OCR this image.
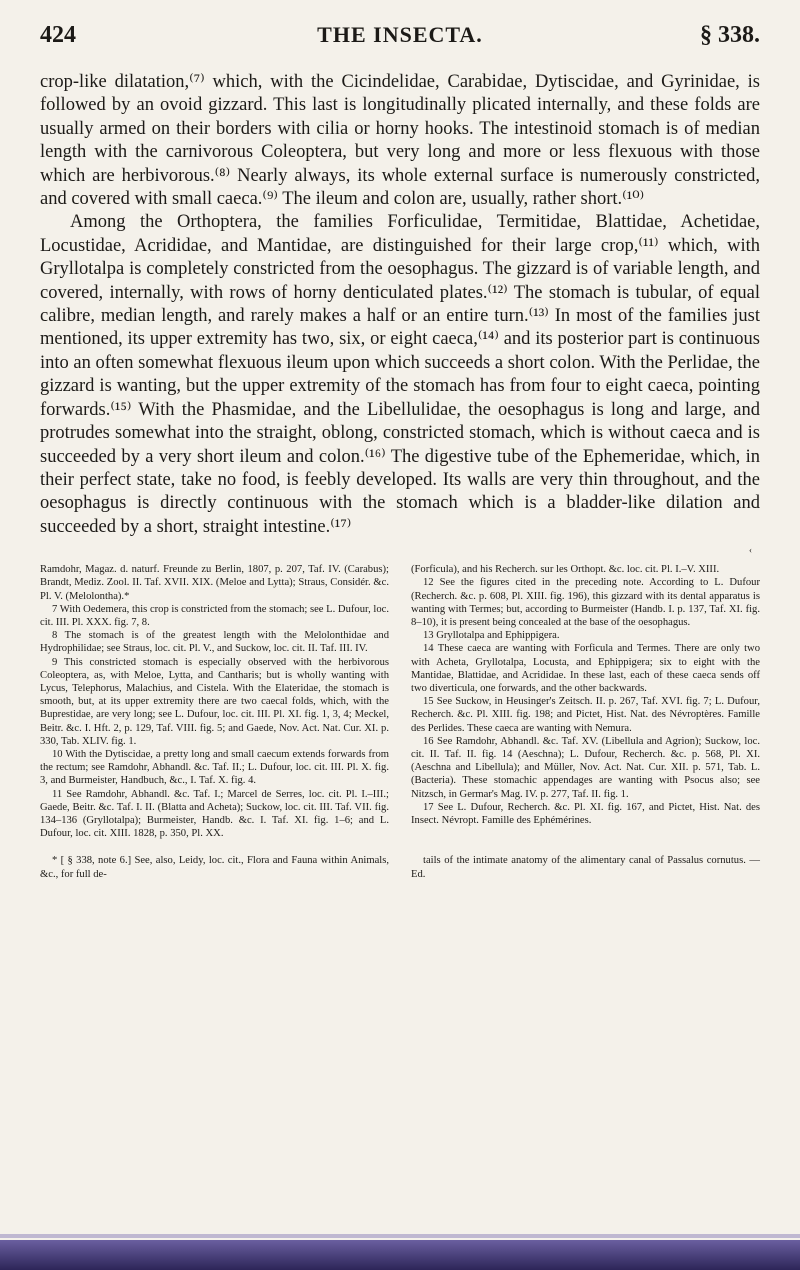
424	THE INSECTA.	§ 338.

crop-like dilatation,⁽⁷⁾ which, with the Cicindelidae, Carabidae, Dytiscidae, and Gyrinidae, is followed by an ovoid gizzard. This last is longitudinally plicated internally, and these folds are usually armed on their borders with cilia or horny hooks. The intestinoid stomach is of median length with the carnivorous Coleoptera, but very long and more or less flexuous with those which are herbivorous.⁽⁸⁾ Nearly always, its whole external surface is numerously constricted, and covered with small caeca.⁽⁹⁾ The ileum and colon are, usually, rather short.⁽¹⁰⁾

Among the Orthoptera, the families Forficulidae, Termitidae, Blattidae, Achetidae, Locustidae, Acrididae, and Mantidae, are distinguished for their large crop,⁽¹¹⁾ which, with Gryllotalpa is completely constricted from the oesophagus. The gizzard is of variable length, and covered, internally, with rows of horny denticulated plates.⁽¹²⁾ The stomach is tubular, of equal calibre, median length, and rarely makes a half or an entire turn.⁽¹³⁾ In most of the families just mentioned, its upper extremity has two, six, or eight caeca,⁽¹⁴⁾ and its posterior part is continuous into an often somewhat flexuous ileum upon which succeeds a short colon. With the Perlidae, the gizzard is wanting, but the upper extremity of the stomach has from four to eight caeca, pointing forwards.⁽¹⁵⁾ With the Phasmidae, and the Libellulidae, the oesophagus is long and large, and protrudes somewhat into the straight, oblong, constricted stomach, which is without caeca and is succeeded by a very short ileum and colon.⁽¹⁶⁾ The digestive tube of the Ephemeridae, which, in their perfect state, take no food, is feebly developed. Its walls are very thin throughout, and the oesophagus is directly continuous with the stomach which is a bladder-like dilation and succeeded by a short, straight intestine.⁽¹⁷⁾

‹

Ramdohr, Magaz. d. naturf. Freunde zu Berlin, 1807, p. 207, Taf. IV. (Carabus); Brandt, Mediz. Zool. II. Taf. XVII. XIX. (Meloe and Lytta); Straus, Considér. &c. Pl. V. (Melolontha).*

7 With Oedemera, this crop is constricted from the stomach; see L. Dufour, loc. cit. III. Pl. XXX. fig. 7, 8.

8 The stomach is of the greatest length with the Melolonthidae and Hydrophilidae; see Straus, loc. cit. Pl. V., and Suckow, loc. cit. II. Taf. III. IV.

9 This constricted stomach is especially observed with the herbivorous Coleoptera, as, with Meloe, Lytta, and Cantharis; but is wholly wanting with Lycus, Telephorus, Malachius, and Cistela. With the Elateridae, the stomach is smooth, but, at its upper extremity there are two caecal folds, which, with the Buprestidae, are very long; see L. Dufour, loc. cit. III. Pl. XI. fig. 1, 3, 4; Meckel, Beitr. &c. I. Hft. 2, p. 129, Taf. VIII. fig. 5; and Gaede, Nov. Act. Nat. Cur. XI. p. 330, Tab. XLIV. fig. 1.

10 With the Dytiscidae, a pretty long and small caecum extends forwards from the rectum; see Ramdohr, Abhandl. &c. Taf. II.; L. Dufour, loc. cit. III. Pl. X. fig. 3, and Burmeister, Handbuch, &c., I. Taf. X. fig. 4.

11 See Ramdohr, Abhandl. &c. Taf. I.; Marcel de Serres, loc. cit. Pl. I.–III.; Gaede, Beitr. &c. Taf. I. II. (Blatta and Acheta); Suckow, loc. cit. III. Taf. VII. fig. 134–136 (Gryllotalpa); Burmeister, Handb. &c. I. Taf. XI. fig. 1–6; and L. Dufour, loc. cit. XIII. 1828, p. 350, Pl. XX.

(Forficula), and his Recherch. sur les Orthopt. &c. loc. cit. Pl. I.–V. XIII.

12 See the figures cited in the preceding note. According to L. Dufour (Recherch. &c. p. 608, Pl. XIII. fig. 196), this gizzard with its dental apparatus is wanting with Termes; but, according to Burmeister (Handb. I. p. 137, Taf. XI. fig. 8–10), it is present being concealed at the base of the oesophagus.

13 Gryllotalpa and Ephippigera.

14 These caeca are wanting with Forficula and Termes. There are only two with Acheta, Gryllotalpa, Locusta, and Ephippigera; six to eight with the Mantidae, Blattidae, and Acrididae. In these last, each of these caeca sends off two diverticula, one forwards, and the other backwards.

15 See Suckow, in Heusinger's Zeitsch. II. p. 267, Taf. XVI. fig. 7; L. Dufour, Recherch. &c. Pl. XIII. fig. 198; and Pictet, Hist. Nat. des Névroptères. Famille des Perlides. These caeca are wanting with Nemura.

16 See Ramdohr, Abhandl. &c. Taf. XV. (Libellula and Agrion); Suckow, loc. cit. II. Taf. II. fig. 14 (Aeschna); L. Dufour, Recherch. &c. p. 568, Pl. XI. (Aeschna and Libellula); and Müller, Nov. Act. Nat. Cur. XII. p. 571, Tab. L. (Bacteria). These stomachic appendages are wanting with Psocus also; see Nitzsch, in Germar's Mag. IV. p. 277, Taf. II. fig. 1.

17 See L. Dufour, Recherch. &c. Pl. XI. fig. 167, and Pictet, Hist. Nat. des Insect. Névropt. Famille des Ephémérines.

* [ § 338, note 6.] See, also, Leidy, loc. cit., Flora and Fauna within Animals, &c., for full de-

tails of the intimate anatomy of the alimentary canal of Passalus cornutus. — Ed.
